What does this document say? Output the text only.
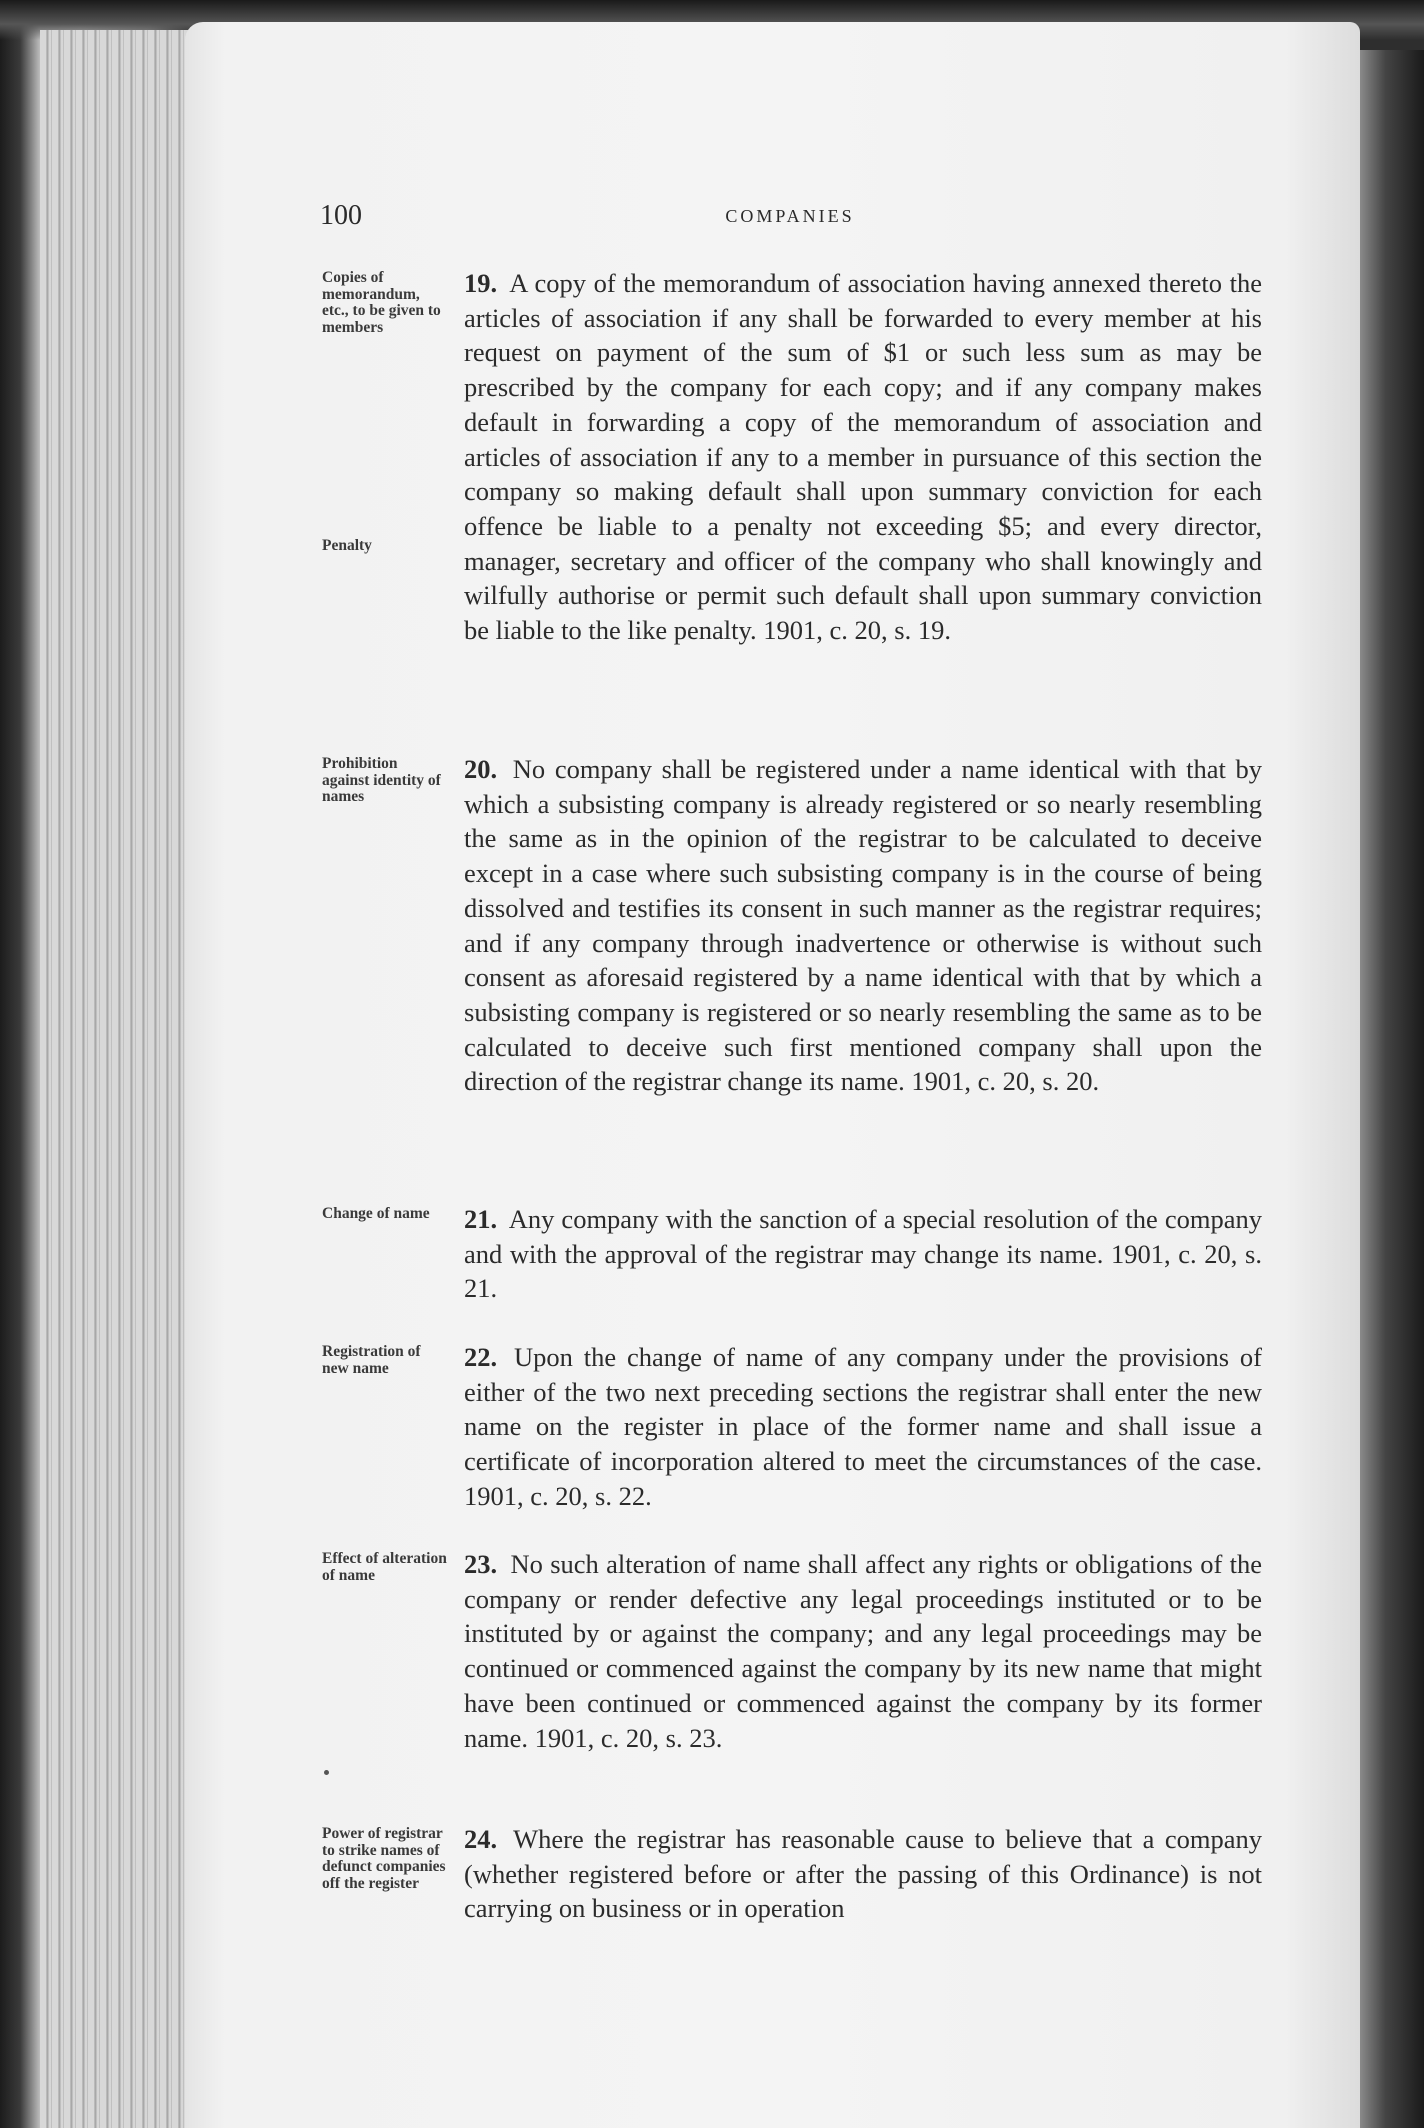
100	COMPANIES
Copies of memorandum, etc., to be given to members
Penalty
19. A copy of the memorandum of association having annexed thereto the articles of association if any shall be forwarded to every member at his request on payment of the sum of $1 or such less sum as may be prescribed by the company for each copy; and if any company makes default in forwarding a copy of the memorandum of association and articles of association if any to a member in pursuance of this section the company so making default shall upon summary conviction for each offence be liable to a penalty not exceeding $5; and every director, manager, secretary and officer of the company who shall knowingly and wilfully authorise or permit such default shall upon summary conviction be liable to the like penalty. 1901, c. 20, s. 19.
Prohibition against identity of names
20. No company shall be registered under a name identical with that by which a subsisting company is already registered or so nearly resembling the same as in the opinion of the registrar to be calculated to deceive except in a case where such subsisting company is in the course of being dissolved and testifies its consent in such manner as the registrar requires; and if any company through inadvertence or otherwise is without such consent as aforesaid registered by a name identical with that by which a subsisting company is registered or so nearly resembling the same as to be calculated to deceive such first mentioned company shall upon the direction of the registrar change its name. 1901, c. 20, s. 20.
Change of name	21. Any company with the sanction of a special resolution of the company and with the approval of the registrar may change its name. 1901, c. 20, s. 21.
Registration of new name	22. Upon the change of name of any company under the provisions of either of the two next preceding sections the registrar shall enter the new name on the register in place of the former name and shall issue a certificate of incorporation altered to meet the circumstances of the case. 1901, c. 20, s. 22.
Effect of alteration of name	23. No such alteration of name shall affect any rights or obligations of the company or render defective any legal proceedings instituted or to be instituted by or against the company; and any legal proceedings may be continued or commenced against the company by its new name that might have been continued or commenced against the company by its former name. 1901, c. 20, s. 23.
Power of registrar to strike names of defunct companies off the register
24. Where the registrar has reasonable cause to believe that a company (whether registered before or after the passing of this Ordinance) is not carrying on business or in operation
